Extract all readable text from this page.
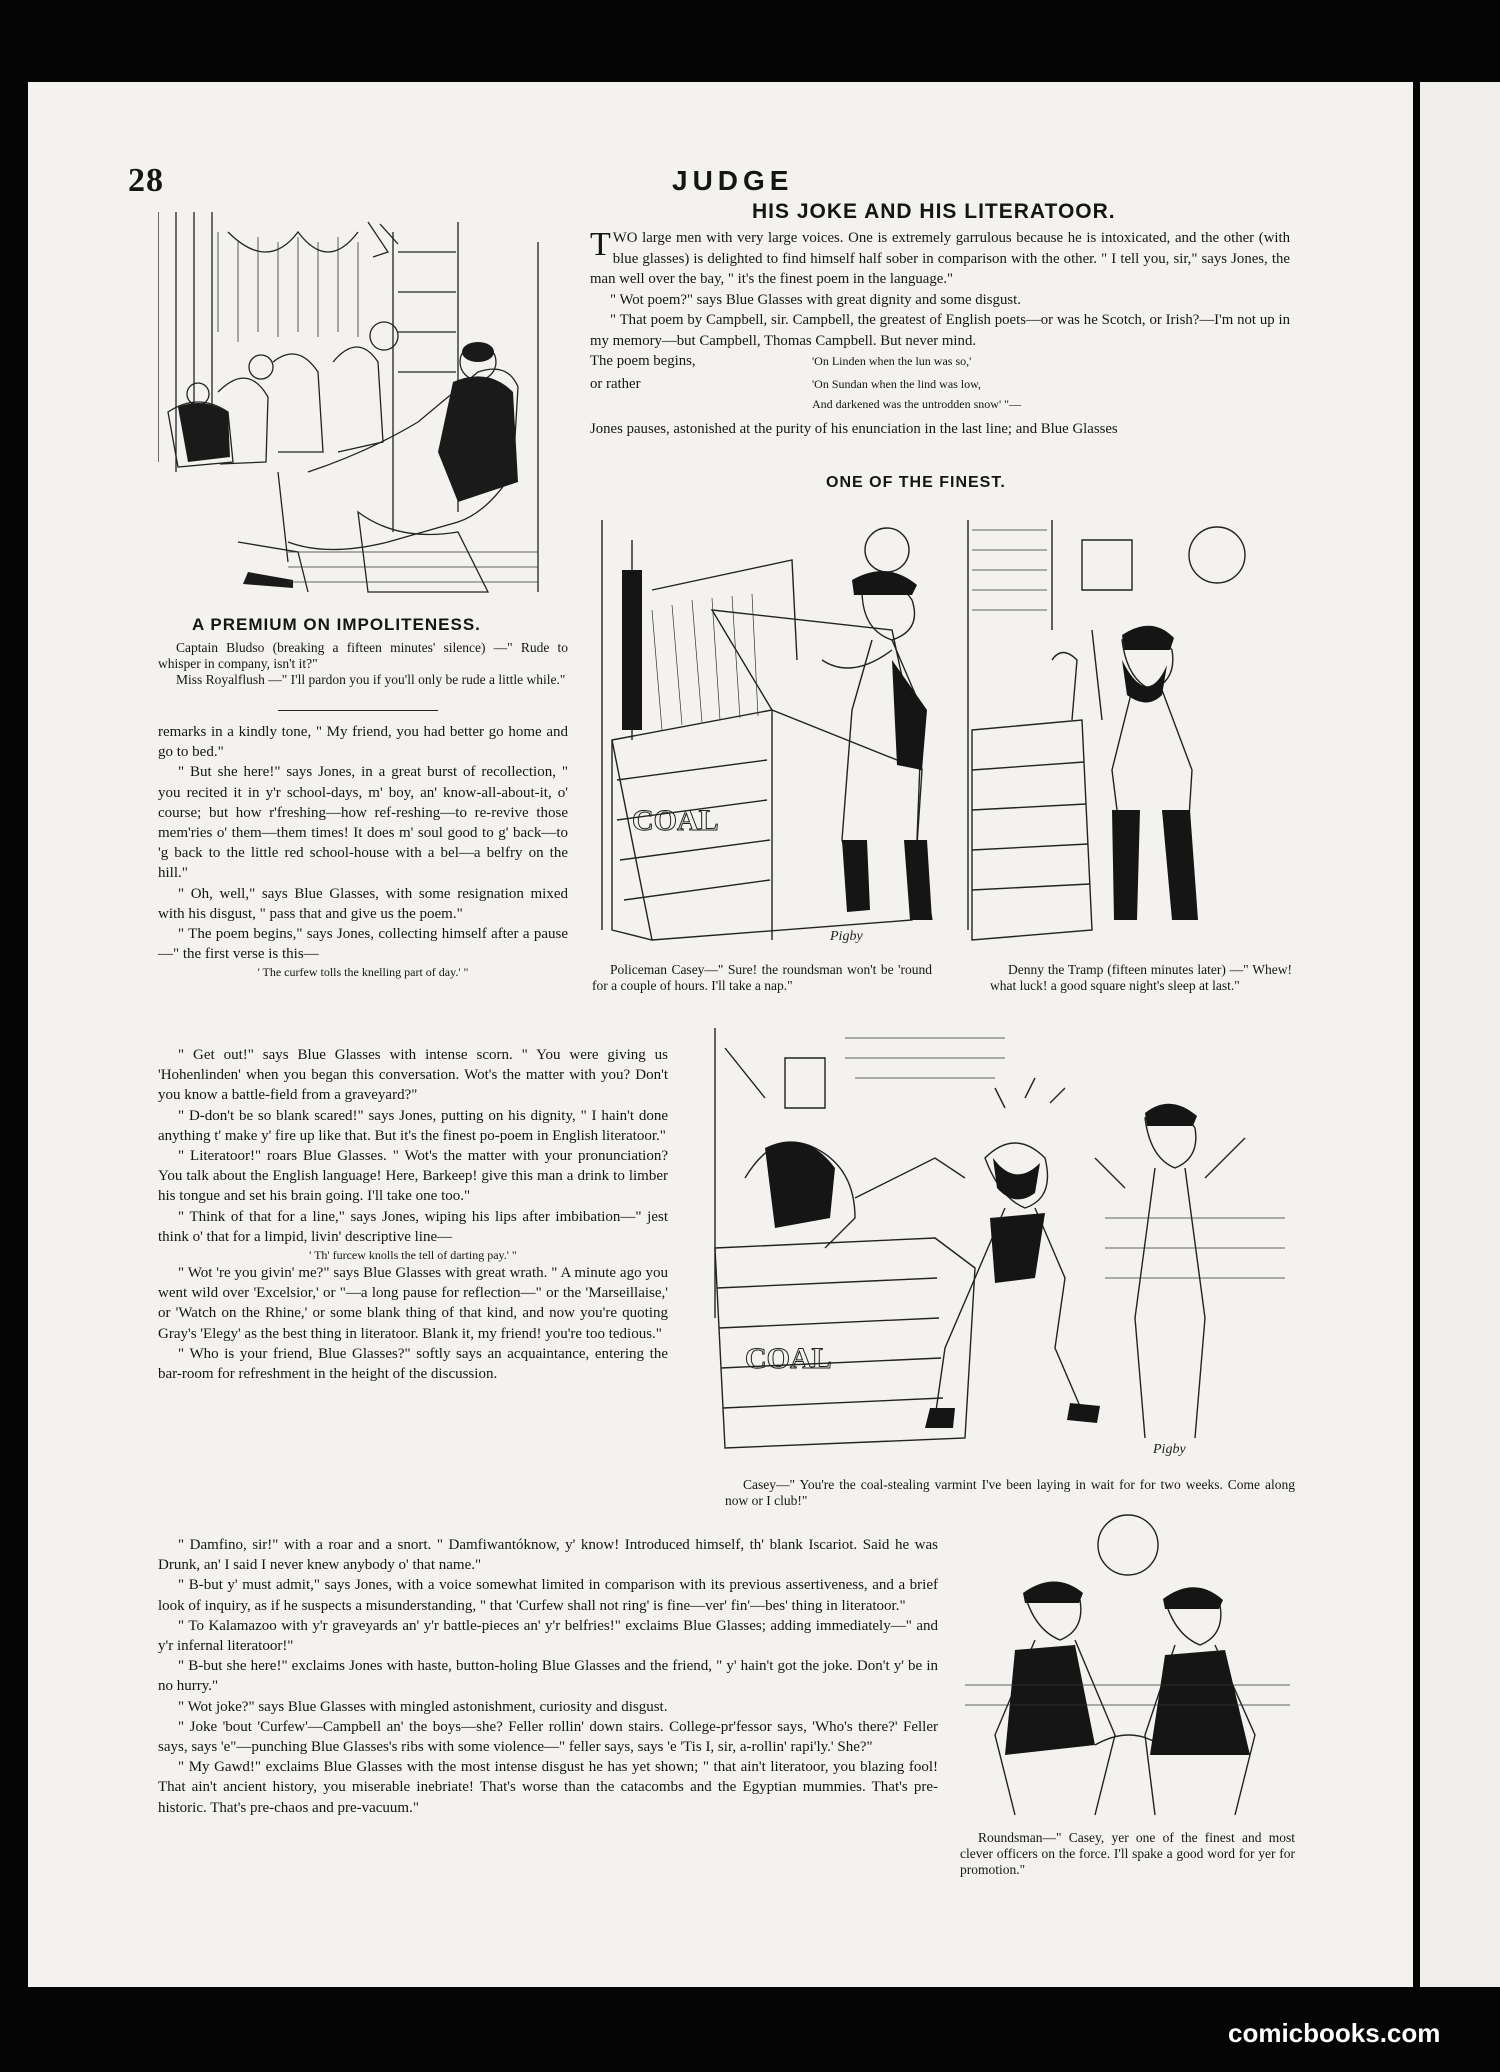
28	JUDGE
HIS JOKE AND HIS LITERATOOR.
A PREMIUM ON IMPOLITENESS.

Captain Bludso (breaking a fifteen minutes' silence) —" Rude to whisper in company, isn't it?"

Miss Royalflush —" I'll pardon you if you'll only be rude a little while."

TWO large men with very large voices. One is extremely garrulous because he is intoxicated, and the other (with blue glasses) is delighted to find himself half sober in comparison with the other. " I tell you, sir," says Jones, the man well over the bay, " it's the finest poem in the language."

" Wot poem?" says Blue Glasses with great dignity and some disgust.

" That poem by Campbell, sir. Campbell, the greatest of English poets—or was he Scotch, or Irish?—I'm not up in my memory—but Campbell, Thomas Campbell. But never mind.

The poem begins,	'On Linden when the lun was so,'
or rather	'On Sundan when the lind was low,
And darkened was the untrodden snow' "—

Jones pauses, astonished at the purity of his enunciation in the last line; and Blue Glasses

ONE OF THE FINEST.
COAL
Pigby

Policeman Casey—" Sure! the roundsman won't be 'round for a couple of hours. I'll take a nap."

Denny the Tramp (fifteen minutes later) —" Whew! what luck! a good square night's sleep at last."

COAL
Pigby

Casey—" You're the coal-stealing varmint I've been laying in wait for for two weeks. Come along now or I club!"

Roundsman—" Casey, yer one of the finest and most clever officers on the force. I'll spake a good word for yer for promotion."

remarks in a kindly tone, " My friend, you had better go home and go to bed."

" But she here!" says Jones, in a great burst of recollection, " you recited it in y'r school-days, m' boy, an' know-all-about-it, o' course; but how r'freshing—how ref-reshing—to re-revive those mem'ries o' them—them times! It does m' soul good to g' back—to 'g back to the little red school-house with a bel—a belfry on the hill."

" Oh, well," says Blue Glasses, with some resignation mixed with his disgust, " pass that and give us the poem."

" The poem begins," says Jones, collecting himself after a pause—" the first verse is this—

' The curfew tolls the knelling part of day.' "

" Get out!" says Blue Glasses with intense scorn. " You were giving us 'Hohenlinden' when you began this conversation. Wot's the matter with you? Don't you know a battle-field from a graveyard?"

" D-don't be so blank scared!" says Jones, putting on his dignity, " I hain't done anything t' make y' fire up like that. But it's the finest po-poem in English literatoor."

" Literatoor!" roars Blue Glasses. " Wot's the matter with your pronunciation? You talk about the English language! Here, Barkeep! give this man a drink to limber his tongue and set his brain going. I'll take one too."

" Think of that for a line," says Jones, wiping his lips after imbibation—" jest think o' that for a limpid, livin' descriptive line—

' Th' furcew knolls the tell of darting pay.' "

" Wot 're you givin' me?" says Blue Glasses with great wrath. " A minute ago you went wild over 'Excelsior,' or "—a long pause for reflection—" or the 'Marseillaise,' or 'Watch on the Rhine,' or some blank thing of that kind, and now you're quoting Gray's 'Elegy' as the best thing in literatoor. Blank it, my friend! you're too tedious."

" Who is your friend, Blue Glasses?" softly says an acquaintance, entering the bar-room for refreshment in the height of the discussion.

" Damfino, sir!" with a roar and a snort. " Damfiwantóknow, y' know! Introduced himself, th' blank Iscariot. Said he was Drunk, an' I said I never knew anybody o' that name."

" B-but y' must admit," says Jones, with a voice somewhat limited in comparison with its previous assertiveness, and a brief look of inquiry, as if he suspects a misunderstanding, " that 'Curfew shall not ring' is fine—ver' fin'—bes' thing in literatoor."

" To Kalamazoo with y'r graveyards an' y'r battle-pieces an' y'r belfries!" exclaims Blue Glasses; adding immediately—" and y'r infernal literatoor!"

" B-but she here!" exclaims Jones with haste, button-holing Blue Glasses and the friend, " y' hain't got the joke. Don't y' be in no hurry."

" Wot joke?" says Blue Glasses with mingled astonishment, curiosity and disgust.

" Joke 'bout 'Curfew'—Campbell an' the boys—she? Feller rollin' down stairs. College-pr'fessor says, 'Who's there?' Feller says, says 'e"—punching Blue Glasses's ribs with some violence—" feller says, says 'e 'Tis I, sir, a-rollin' rapi'ly.' She?"

" My Gawd!" exclaims Blue Glasses with the most intense disgust he has yet shown; " that ain't literatoor, you blazing fool! That ain't ancient history, you miserable inebriate! That's worse than the catacombs and the Egyptian mummies. That's pre-historic. That's pre-chaos and pre-vacuum."

comicbooks.com
